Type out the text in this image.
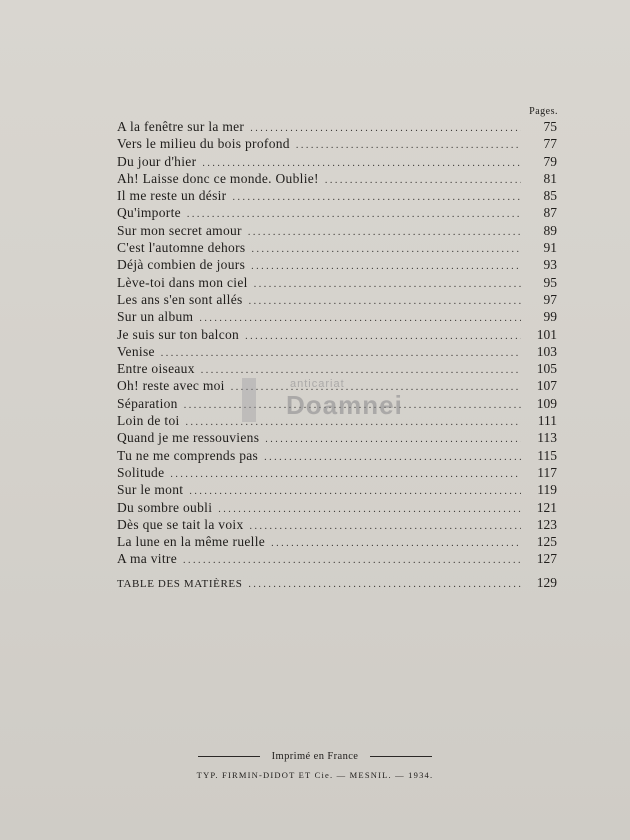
Pages.
A la fenêtre sur la mer . . .	75
Vers le milieu du bois profond . . .	77
Du jour d'hier . . .	79
Ah! Laisse donc ce monde. Oublie! . . .	81
Il me reste un désir . . .	85
Qu'importe . . .	87
Sur mon secret amour . . .	89
C'est l'automne dehors . . .	91
Déjà combien de jours . . .	93
Lève-toi dans mon ciel . . .	95
Les ans s'en sont allés . . .	97
Sur un album . . .	99
Je suis sur ton balcon . . .	101
Venise . . .	103
Entre oiseaux . . .	105
Oh! reste avec moi . . .	107
Séparation . . .	109
Loin de toi . . .	111
Quand je me ressouviens . . .	113
Tu ne me comprends pas . . .	115
Solitude . . .	117
Sur le mont . . .	119
Du sombre oubli . . .	121
Dès que se tait la voix . . .	123
La lune en la même ruelle . . .	125
A ma vitre . . .	127
TABLE DES MATIÈRES . . .	129
anticariat
Doamnei
Imprimé en France
TYP. FIRMIN-DIDOT ET Cie. — MESNIL. — 1934.
